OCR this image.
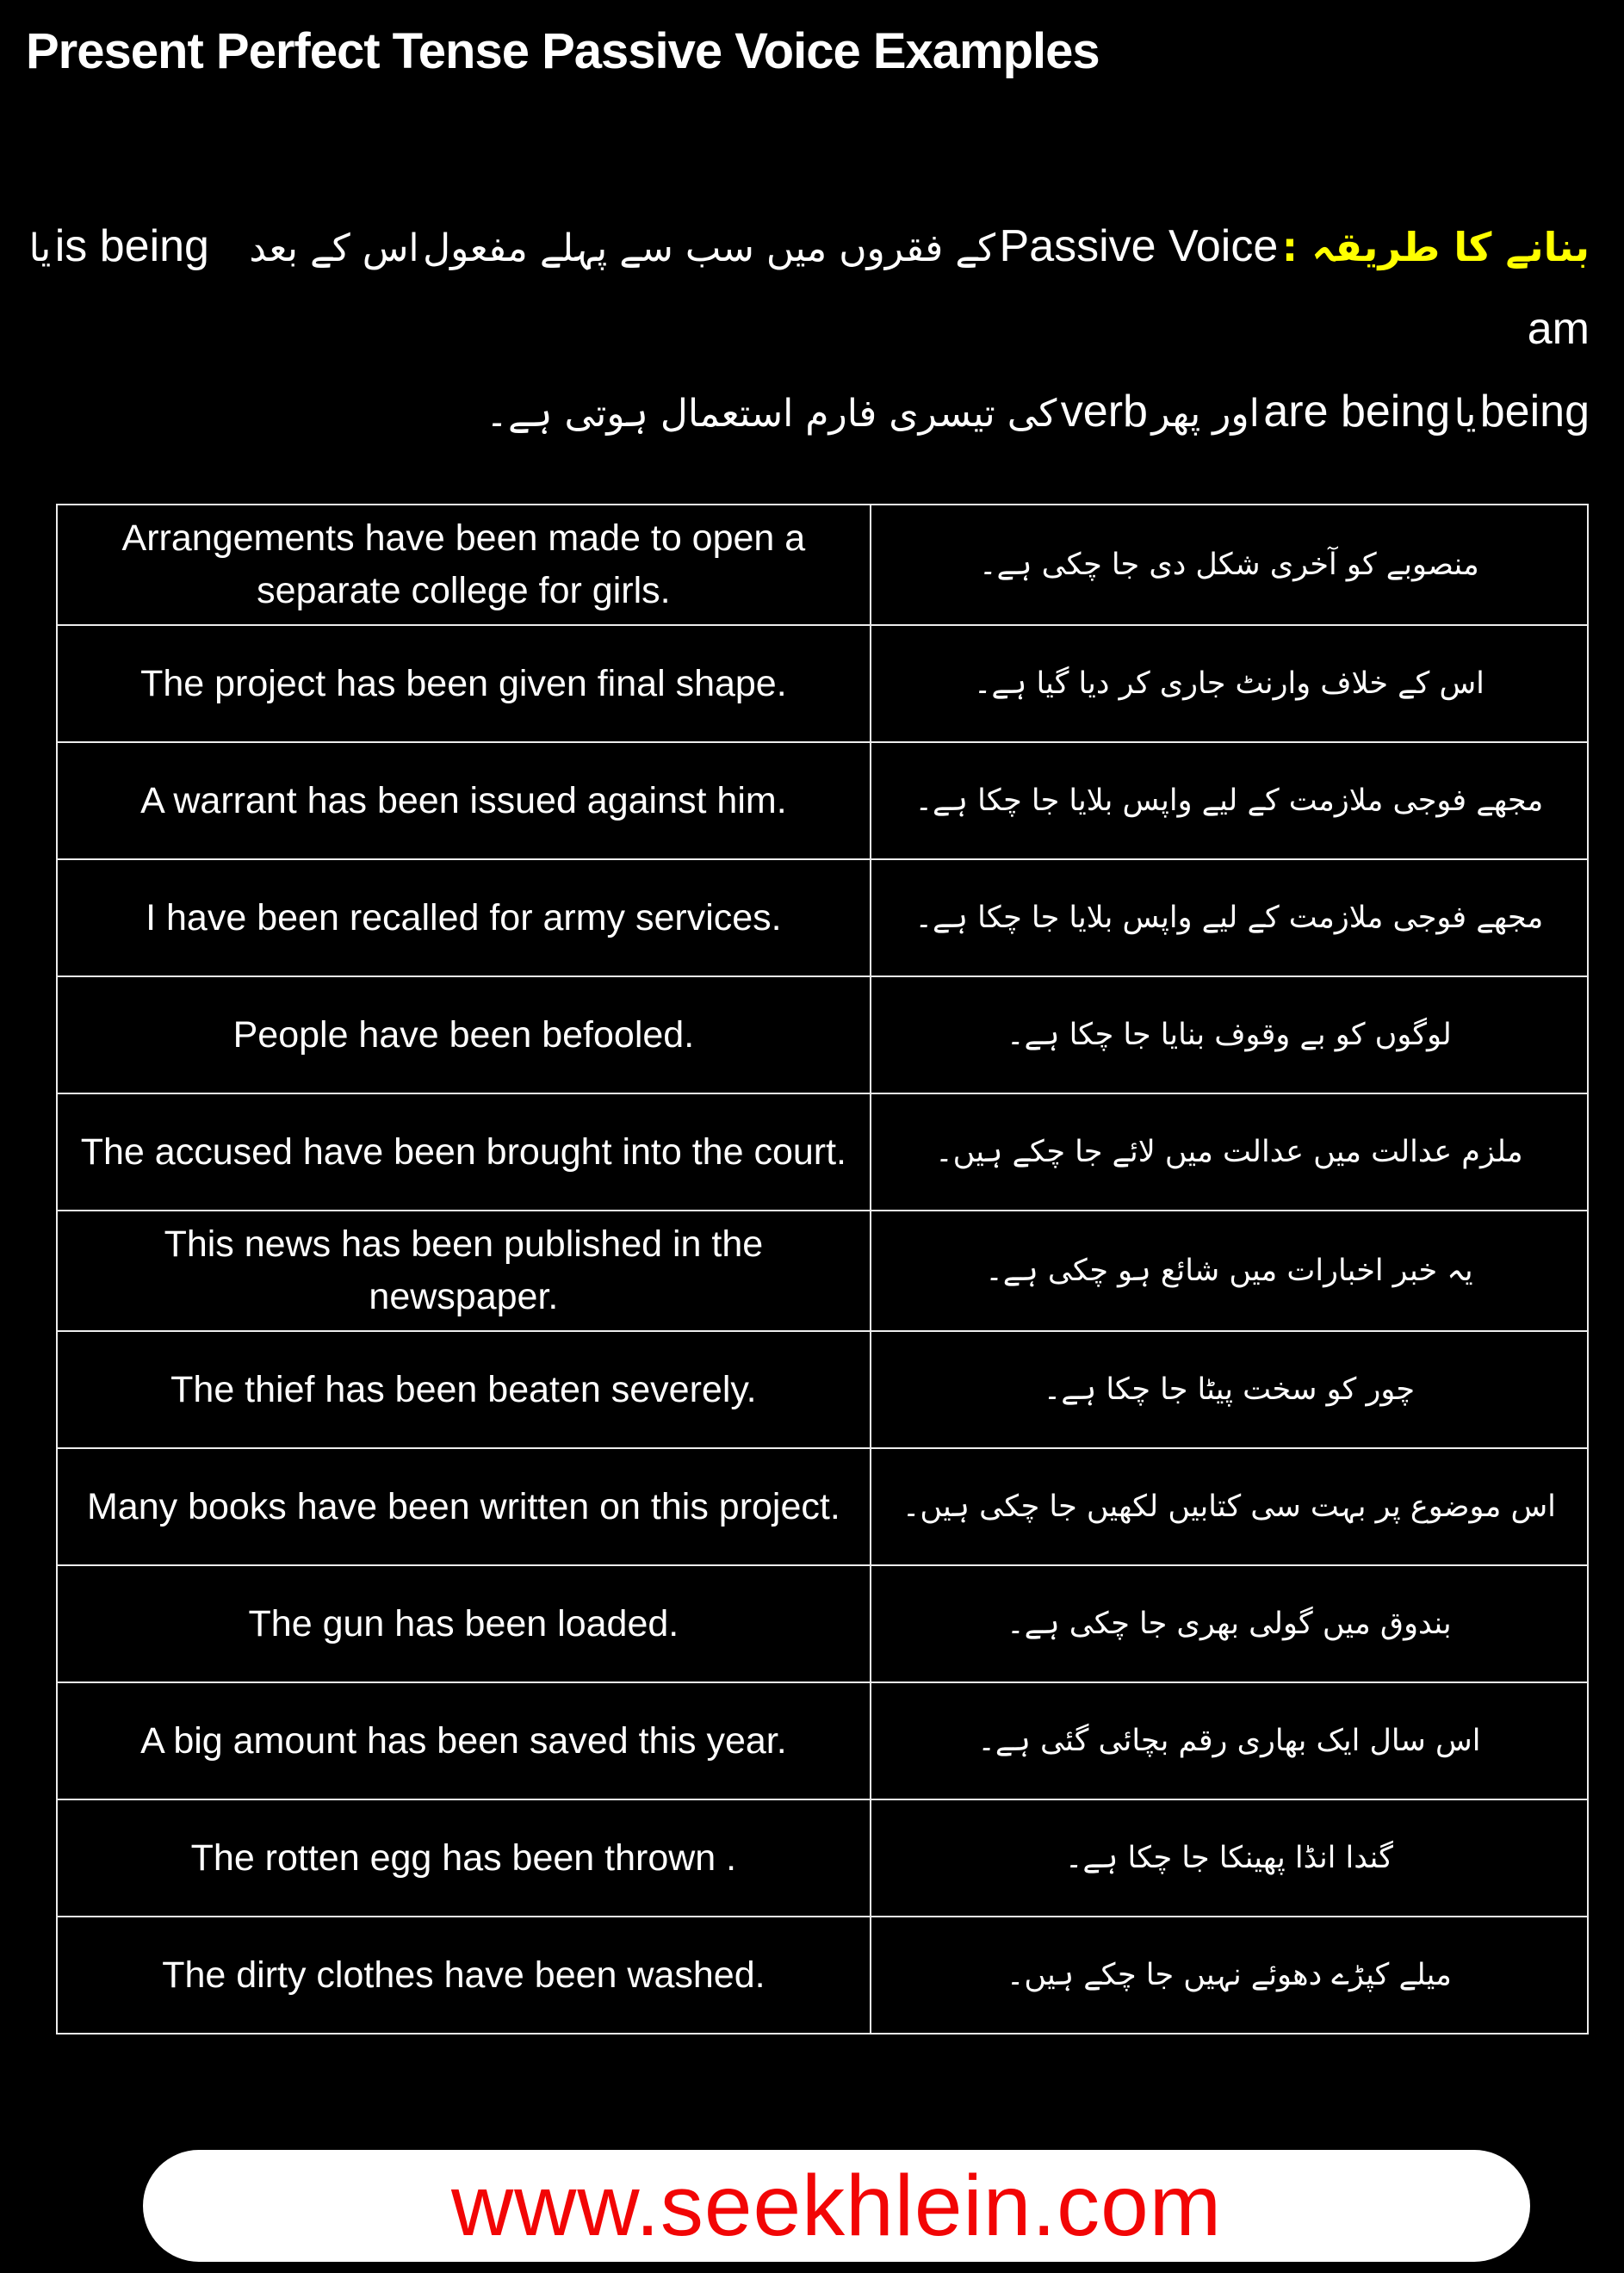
Present Perfect Tense Passive Voice Examples
بنانے کا طریقہ : Passive Voice کے فقروں میں سب سے پہلے مفعول اس کے بعد is being یا am
being یا are being اور پھر verb کی تیسری فارم استعمال ہوتی ہے۔
Arrangements have been made to open a separate college for girls.	منصوبے کو آخری شکل دی جا چکی ہے۔
The project has been given final shape.	اس کے خلاف وارنٹ جاری کر دیا گیا ہے۔
A warrant has been issued against him.	مجھے فوجی ملازمت کے لیے واپس بلایا جا چکا ہے۔
I have been recalled for army services.	مجھے فوجی ملازمت کے لیے واپس بلایا جا چکا ہے۔
People have been befooled.	لوگوں کو بے وقوف بنایا جا چکا ہے۔
The accused have been brought into the court.	ملزم عدالت میں عدالت میں لائے جا چکے ہیں۔
This news has been published in the newspaper.	یہ خبر اخبارات میں شائع ہو چکی ہے۔
The thief has been beaten severely.	چور کو سخت پیٹا جا چکا ہے۔
Many books have been written on this project.	اس موضوع پر بہت سی کتابیں لکھیں جا چکی ہیں۔
The gun has been loaded.	بندوق میں گولی بھری جا چکی ہے۔
A big amount has been saved this year.	اس سال ایک بھاری رقم بچائی گئی ہے۔
The rotten egg has been thrown .	گندا انڈا پھینکا جا چکا ہے۔
The dirty clothes have been washed.	میلے کپڑے دھوئے نہیں جا چکے ہیں۔
www.seekhlein.com
